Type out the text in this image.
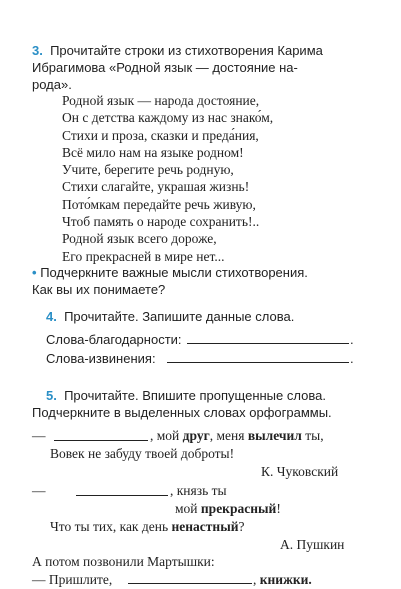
3. Прочитайте строки из стихотворения Карима
Ибрагимова «Родной язык — достояние на-
рода».
Родной язык — народа достояние,
Он с детства каждому из нас знако́м,
Стихи и проза, сказки и преда́ния,
Всё мило нам на языке родном!
Учите, берегите речь родную,
Стихи слагайте, украшая жизнь!
Пото́мкам передайте речь живую,
Чтоб память о народе сохранить!..
Родной язык всего дороже,
Его прекрасней в мире нет...
• Подчеркните важные мысли стихотворения.
Как вы их понимаете?
4. Прочитайте. Запишите данные слова.
Слова-благодарности:	.
Слова-извинения:	.
5. Прочитайте. Впишите пропущенные слова.
Подчеркните в выделенных словах орфограммы.
—	, мой друг, меня вылечил ты,
Вовек не забуду твоей доброты!
К. Чуковский
—	, князь ты
мой прекрасный!
Что ты тих, как день ненастный?
А. Пушкин
А потом позвонили Мартышки:
— Пришлите,	, книжки.
